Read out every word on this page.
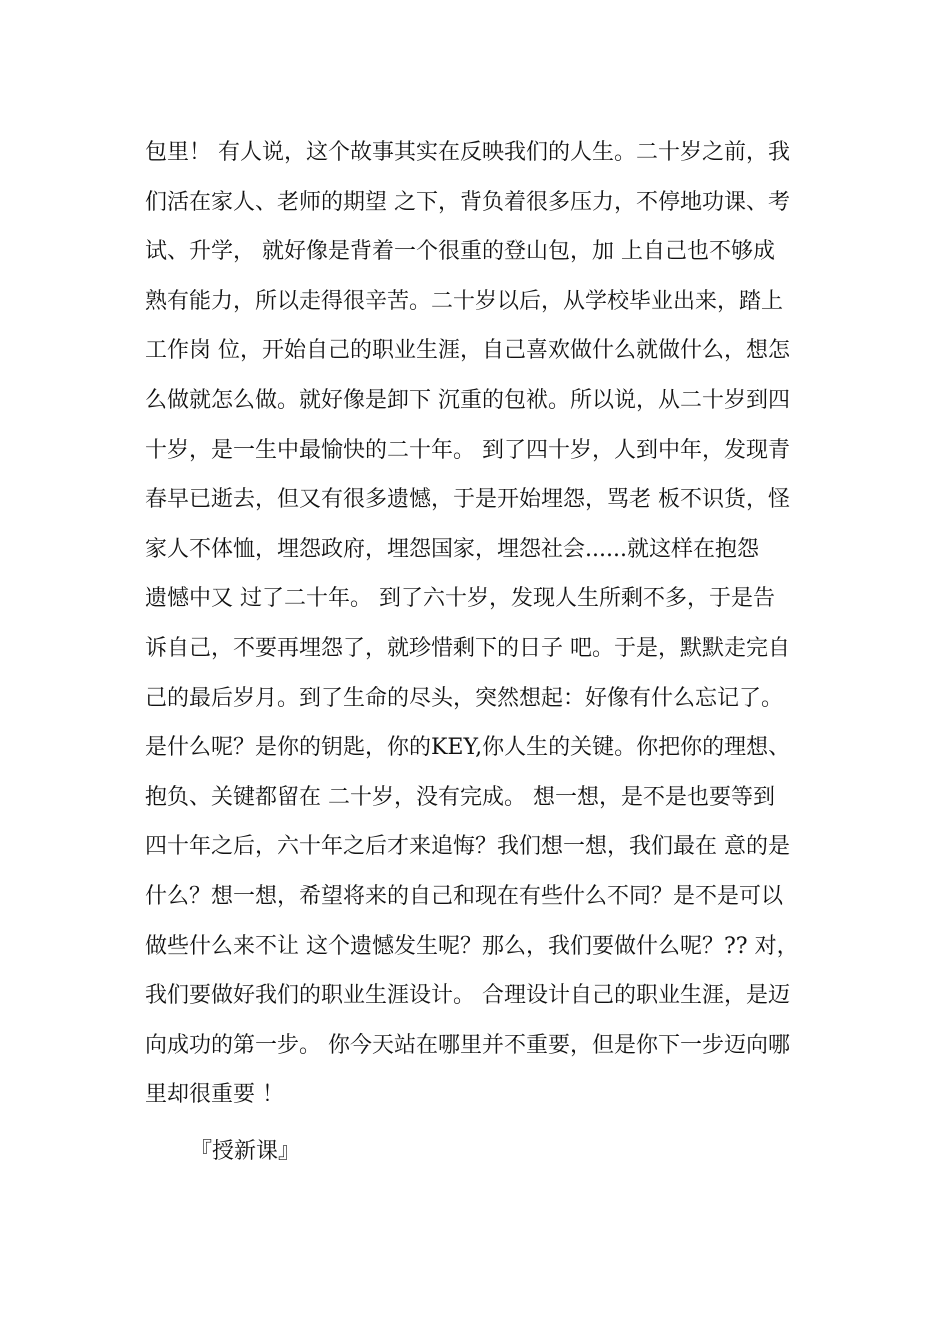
包里！ 有人说，这个故事其实在反映我们的人生。二十岁之前，我
们活在家人、老师的期望 之下，背负着很多压力，不停地功课、考
试、升学， 就好像是背着一个很重的登山包，加 上自己也不够成
熟有能力，所以走得很辛苦。二十岁以后，从学校毕业出来，踏上
工作岗 位，开始自己的职业生涯，自己喜欢做什么就做什么，想怎
么做就怎么做。就好像是卸下 沉重的包袱。所以说，从二十岁到四
十岁，是一生中最愉快的二十年。 到了四十岁，人到中年，发现青
春早已逝去，但又有很多遗憾，于是开始埋怨，骂老 板不识货，怪
家人不体恤，埋怨政府，埋怨国家，埋怨社会......就这样在抱怨
遗憾中又 过了二十年。 到了六十岁，发现人生所剩不多，于是告
诉自己，不要再埋怨了，就珍惜剩下的日子 吧。于是，默默走完自
己的最后岁月。到了生命的尽头，突然想起：好像有什么忘记了。
是什么呢？是你的钥匙，你的KEY,你人生的关键。你把你的理想、
抱负、关键都留在 二十岁，没有完成。 想一想，是不是也要等到
四十年之后，六十年之后才来追悔？我们想一想，我们最在 意的是
什么？想一想，希望将来的自己和现在有些什么不同？是不是可以
做些什么来不让 这个遗憾发生呢？那么，我们要做什么呢？?? 对，
我们要做好我们的职业生涯设计。 合理设计自己的职业生涯，是迈
向成功的第一步。 你今天站在哪里并不重要，但是你下一步迈向哪
里却很重要 ！
『授新课』
